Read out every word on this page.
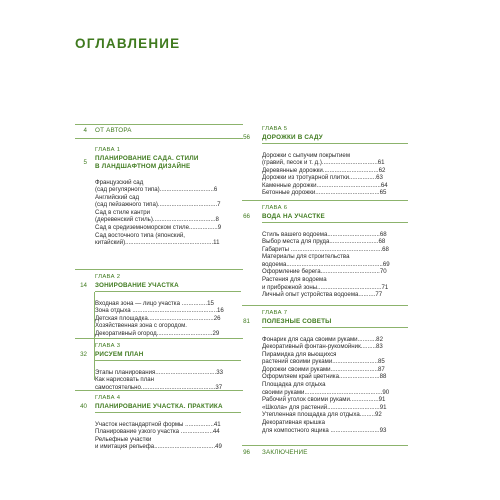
ОГЛАВЛЕНИЕ
4 ОТ АВТОРА
5
ГЛАВА 1
ПЛАНИРОВАНИЕ САДА. СТИЛИ
В ЛАНДШАФТНОМ ДИЗАЙНЕ
Французский сад
(сад регулярного типа)................................6
Английский сад
(сад пейзажного типа)...................................7
Сад в стиле кантри
(деревенский стиль).....................................8
Сад в средиземноморском стиле.................9
Сад восточного типа (японский,
китайский)....................................................11
14
ГЛАВА 2
ЗОНИРОВАНИЕ УЧАСТКА
Входная зона — лицо участка ...............15
Зона отдыха ..................................................16
Детская площадка.......................................26
Хозяйственная зона с огородом.
Декоративный огород.................................29
32
ГЛАВА 3
РИСУЕМ ПЛАН
Этапы планирования....................................33
Как нарисовать план
самостоятельно............................................37
40
ГЛАВА 4
ПЛАНИРОВАНИЕ УЧАСТКА. ПРАКТИКА
Участок нестандартной формы .................41
Планирование узкого участка ...................44
Рельефные участки
и имитация рельефа....................................49
56
ГЛАВА 5
ДОРОЖКИ В САДУ
Дорожки с сыпучим покрытием
(гравий, песок и т. д.).................................61
Деревянные дорожки.................................62
Дорожки из тротуарной плитки................63
Каменные дорожки......................................64
Бетонные дорожки......................................65
66
ГЛАВА 6
ВОДА НА УЧАСТКЕ
Стиль вашего водоема...............................68
Выбор места для пруда.............................68
Габариты ......................................................68
Материалы для строительства
водоема.........................................................69
Оформление берега...................................70
Растения для водоема
и прибрежной зоны......................................71
Личный опыт устройства водоема..........77
81
ГЛАВА 7
ПОЛЕЗНЫЕ СОВЕТЫ
Фонарик для сада своими руками...........82
Декоративный фонтан-рукомойник.........83
Пирамидка для вьющихся
растений своими руками...........................85
Дорожки своими руками............................87
Оформляем край цветника........................88
Площадка для отдыха
своими руками..............................................90
Рабочий уголок своими руками.................91
«Школа» для растений...............................91
Утепленная площадка для отдыха.........92
Декоративная крышка
для компостного ящика .............................93
96 ЗАКЛЮЧЕНИЕ
